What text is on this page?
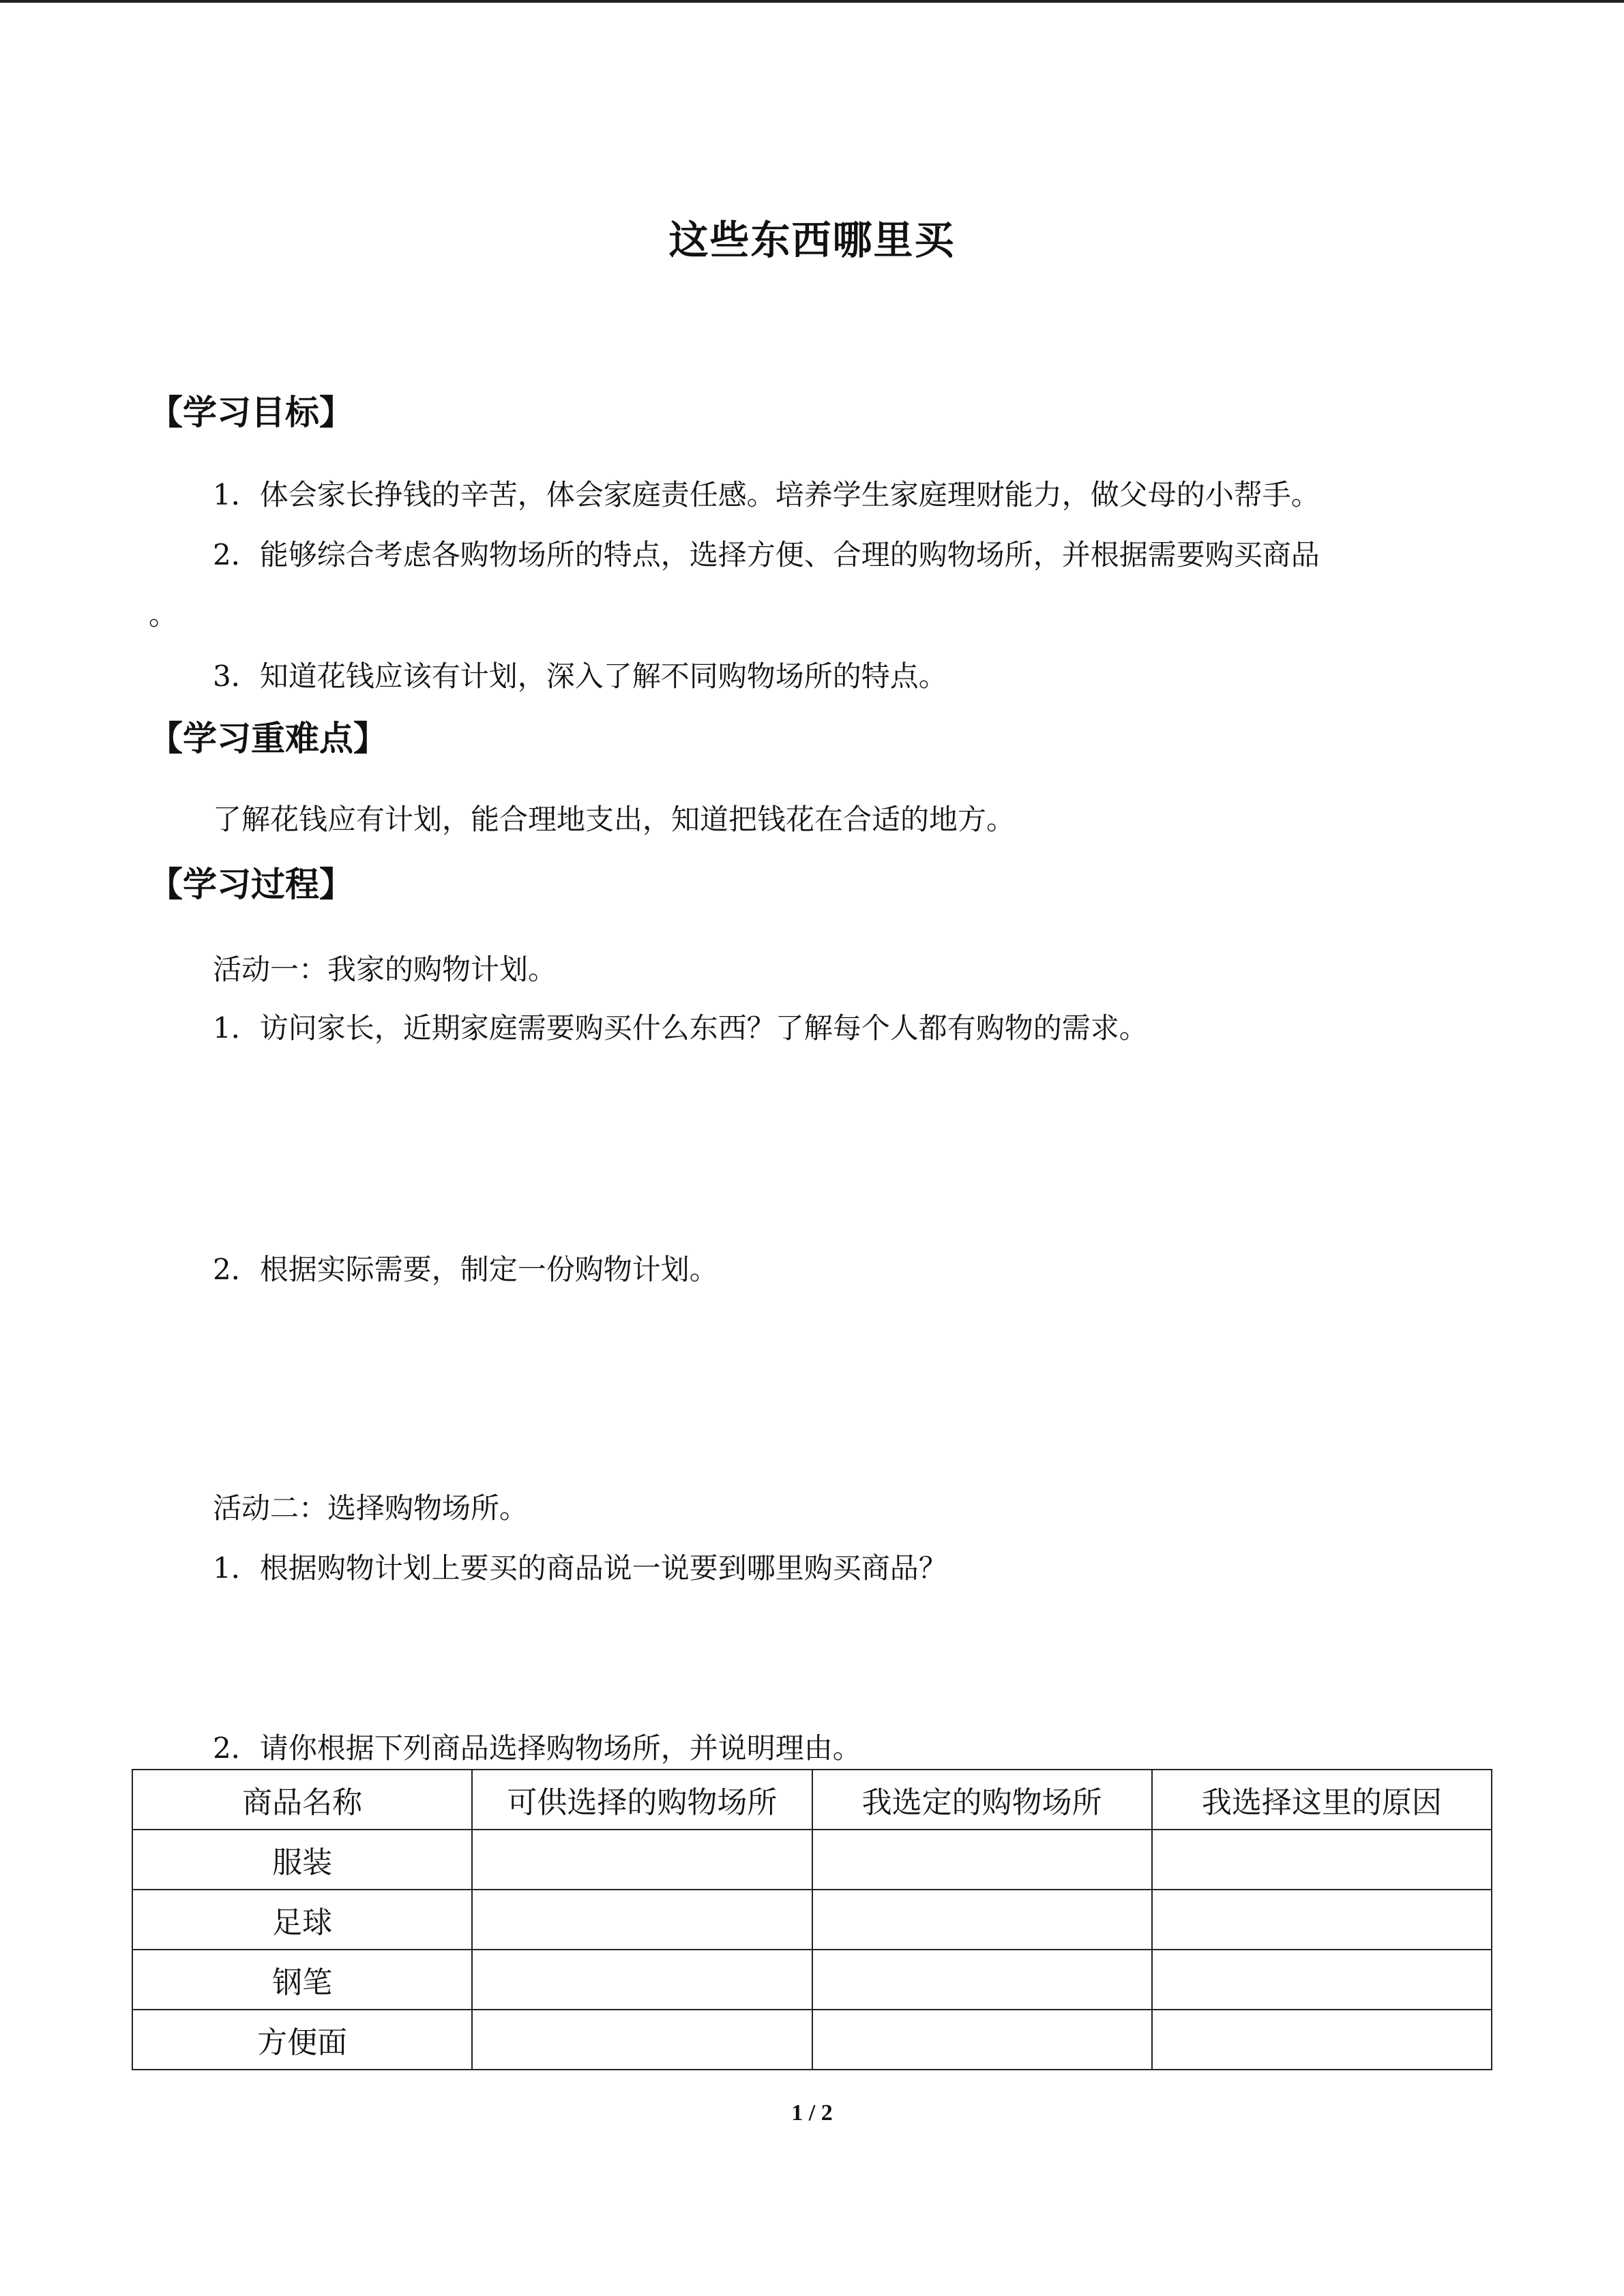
这些东西哪里买
【学习目标】
1．体会家长挣钱的辛苦，体会家庭责任感。培养学生家庭理财能力，做父母的小帮手。
2．能够综合考虑各购物场所的特点，选择方便、合理的购物场所，并根据需要购买商品
。
3．知道花钱应该有计划，深入了解不同购物场所的特点。
【学习重难点】
了解花钱应有计划，能合理地支出，知道把钱花在合适的地方。
【学习过程】
活动一：我家的购物计划。
1．访问家长，近期家庭需要购买什么东西？了解每个人都有购物的需求。
2．根据实际需要，制定一份购物计划。
活动二：选择购物场所。
1．根据购物计划上要买的商品说一说要到哪里购买商品？
2．请你根据下列商品选择购物场所，并说明理由。
商品名称	可供选择的购物场所	我选定的购物场所	我选择这里的原因
服装			
足球			
钢笔			
方便面			
1 / 2
